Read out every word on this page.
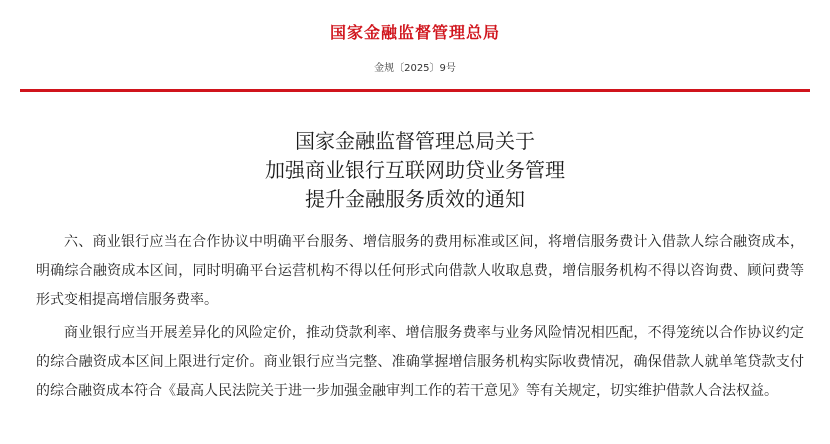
国家金融监督管理总局
金规〔2025〕9号
国家金融监督管理总局关于
加强商业银行互联网助贷业务管理
提升金融服务质效的通知

六、商业银行应当在合作协议中明确平台服务、增信服务的费用标准或区间，将增信服务费计入借款人综合融资成本，明确综合融资成本区间，同时明确平台运营机构不得以任何形式向借款人收取息费，增信服务机构不得以咨询费、顾问费等形式变相提高增信服务费率。

商业银行应当开展差异化的风险定价，推动贷款利率、增信服务费率与业务风险情况相匹配，不得笼统以合作协议约定的综合融资成本区间上限进行定价。商业银行应当完整、准确掌握增信服务机构实际收费情况，确保借款人就单笔贷款支付的综合融资成本符合《最高人民法院关于进一步加强金融审判工作的若干意见》等有关规定，切实维护借款人合法权益。
